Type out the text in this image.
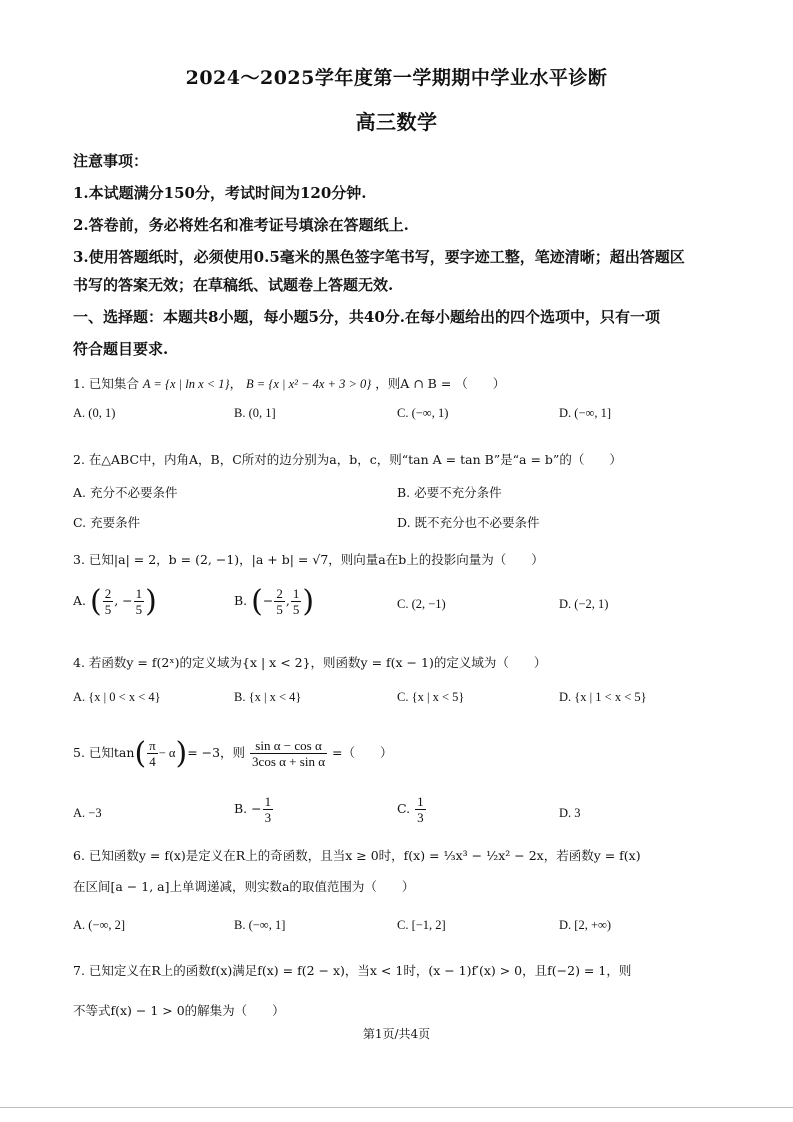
2024～2025学年度第一学期期中学业水平诊断
高三数学
注意事项：
1.本试题满分150分，考试时间为120分钟.
2.答卷前，务必将姓名和准考证号填涂在答题纸上.
3.使用答题纸时，必须使用0.5毫米的黑色签字笔书写，要字迹工整，笔迹清晰；超出答题区
书写的答案无效；在草稿纸、试题卷上答题无效.
一、选择题：本题共8小题，每小题5分，共40分.在每小题给出的四个选项中，只有一项
符合题目要求.
1. 已知集合 A = {x | ln x < 1}， B = {x | x² − 4x + 3 > 0} ，则A ∩ B = （　　）
A. (0, 1)	B. (0, 1]	C. (−∞, 1)	D. (−∞, 1]
2. 在△ABC中，内角A，B，C所对的边分别为a，b，c，则“tan A = tan B”是“a = b”的（　　）
A. 充分不必要条件	B. 必要不充分条件
C. 充要条件	D. 既不充分也不必要条件
3. 已知|a| = 2，b = (2, −1)，|a + b| = √7，则向量a在b上的投影向量为（　　）
A. ( $\frac{2}{5}$ , − $\frac{1}{5}$ )	B. (− $\frac{2}{5}$ , $\frac{1}{5}$ )	C. (2, −1)	D. (−2, 1)
4. 若函数y = f(2ˣ)的定义域为{x | x < 2}，则函数y = f(x − 1)的定义域为（　　）
A. {x | 0 < x < 4}	B. {x | x < 4}	C. {x | x < 5}	D. {x | 1 < x < 5}
5. 已知$\tan( \frac{\pi}{4} - \alpha)= -3$，则 $\frac{\text{sin α − cos α}}{\text{3cos α + sin α}}$ =（　　）
A. −3	B. − $\frac{1}{3}$	C. $\frac{1}{3}$	D. 3
6. 已知函数y = f(x)是定义在R上的奇函数，且当x ≥ 0时，f(x) = ⅓x³ − ½x² − 2x，若函数y = f(x)
在区间[a − 1, a]上单调递减，则实数a的取值范围为（　　）
A. (−∞, 2]	B. (−∞, 1]	C. [−1, 2]	D. [2, +∞)
7. 已知定义在R上的函数f(x)满足f(x) = f(2 − x)，当x < 1时，(x − 1)f′(x) > 0，且f(−2) = 1，则
不等式f(x) − 1 > 0的解集为（　　）
第1页/共4页
